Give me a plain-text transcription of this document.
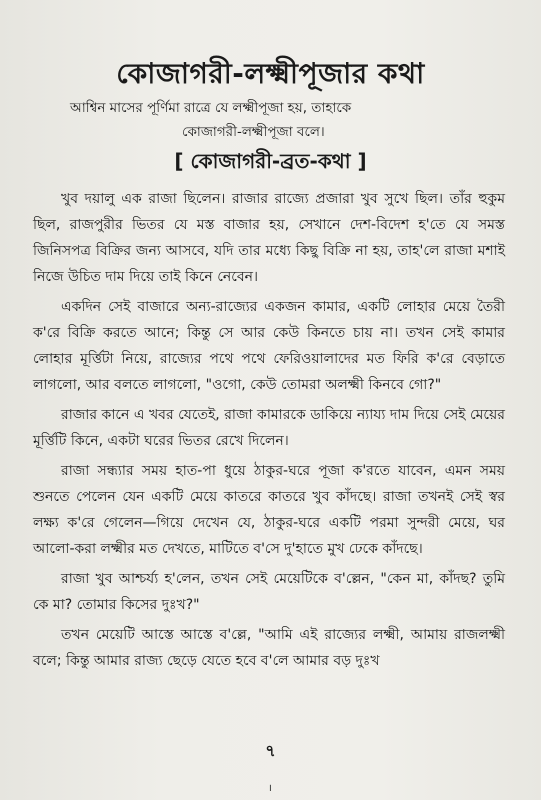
কোজাগরী-লক্ষ্মীপূজার কথা
আশ্বিন মাসের পূর্ণিমা রাত্রে যে লক্ষ্মীপূজা হয়, তাহাকে
কোজাগরী-লক্ষ্মীপূজা বলে।
[ কোজাগরী-ব্রত-কথা ]

খুব দয়ালু এক রাজা ছিলেন। রাজার রাজ্যে প্রজারা খুব সুখে ছিল। তাঁর হুকুম ছিল, রাজপুরীর ভিতর যে মস্ত বাজার হয়, সেখানে দেশ-বিদেশ হ'তে যে সমস্ত জিনিসপত্র বিক্রির জন্য আসবে, যদি তার মধ্যে কিছু বিক্রি না হয়, তাহ'লে রাজা মশাই নিজে উচিত দাম দিয়ে তাই কিনে নেবেন।

একদিন সেই বাজারে অন্য-রাজ্যের একজন কামার, একটি লোহার মেয়ে তৈরী ক'রে বিক্রি করতে আনে; কিন্তু সে আর কেউ কিনতে চায় না। তখন সেই কামার লোহার মূর্ত্তিটা নিয়ে, রাজ্যের পথে পথে ফেরিওয়ালাদের মত ফিরি ক'রে বেড়াতে লাগলো, আর বলতে লাগলো, "ওগো, কেউ তোমরা অলক্ষ্মী কিনবে গো?"

রাজার কানে এ খবর যেতেই, রাজা কামারকে ডাকিয়ে ন্যায্য দাম দিয়ে সেই মেয়ের মূর্ত্তিটি কিনে, একটা ঘরের ভিতর রেখে দিলেন।

রাজা সন্ধ্যার সময় হাত-পা ধুয়ে ঠাকুর-ঘরে পূজা ক'রতে যাবেন, এমন সময় শুনতে পেলেন যেন একটি মেয়ে কাতরে কাতরে খুব কাঁদছে। রাজা তখনই সেই স্বর লক্ষ্য ক'রে গেলেন—গিয়ে দেখেন যে, ঠাকুর-ঘরে একটি পরমা সুন্দরী মেয়ে, ঘর আলো-করা লক্ষ্মীর মত দেখতে, মাটিতে ব'সে দু'হাতে মুখ ঢেকে কাঁদছে।

রাজা খুব আশ্চর্য্য হ'লেন, তখন সেই মেয়েটিকে ব'ল্লেন, "কেন মা, কাঁদছ? তুমি কে মা? তোমার কিসের দুঃখ?"

তখন মেয়েটি আস্তে আস্তে ব'ল্লে, "আমি এই রাজ্যের লক্ষ্মী, আমায় রাজলক্ষ্মী বলে; কিন্তু আমার রাজ্য ছেড়ে যেতে হবে ব'লে আমার বড় দুঃখ

৭
।
